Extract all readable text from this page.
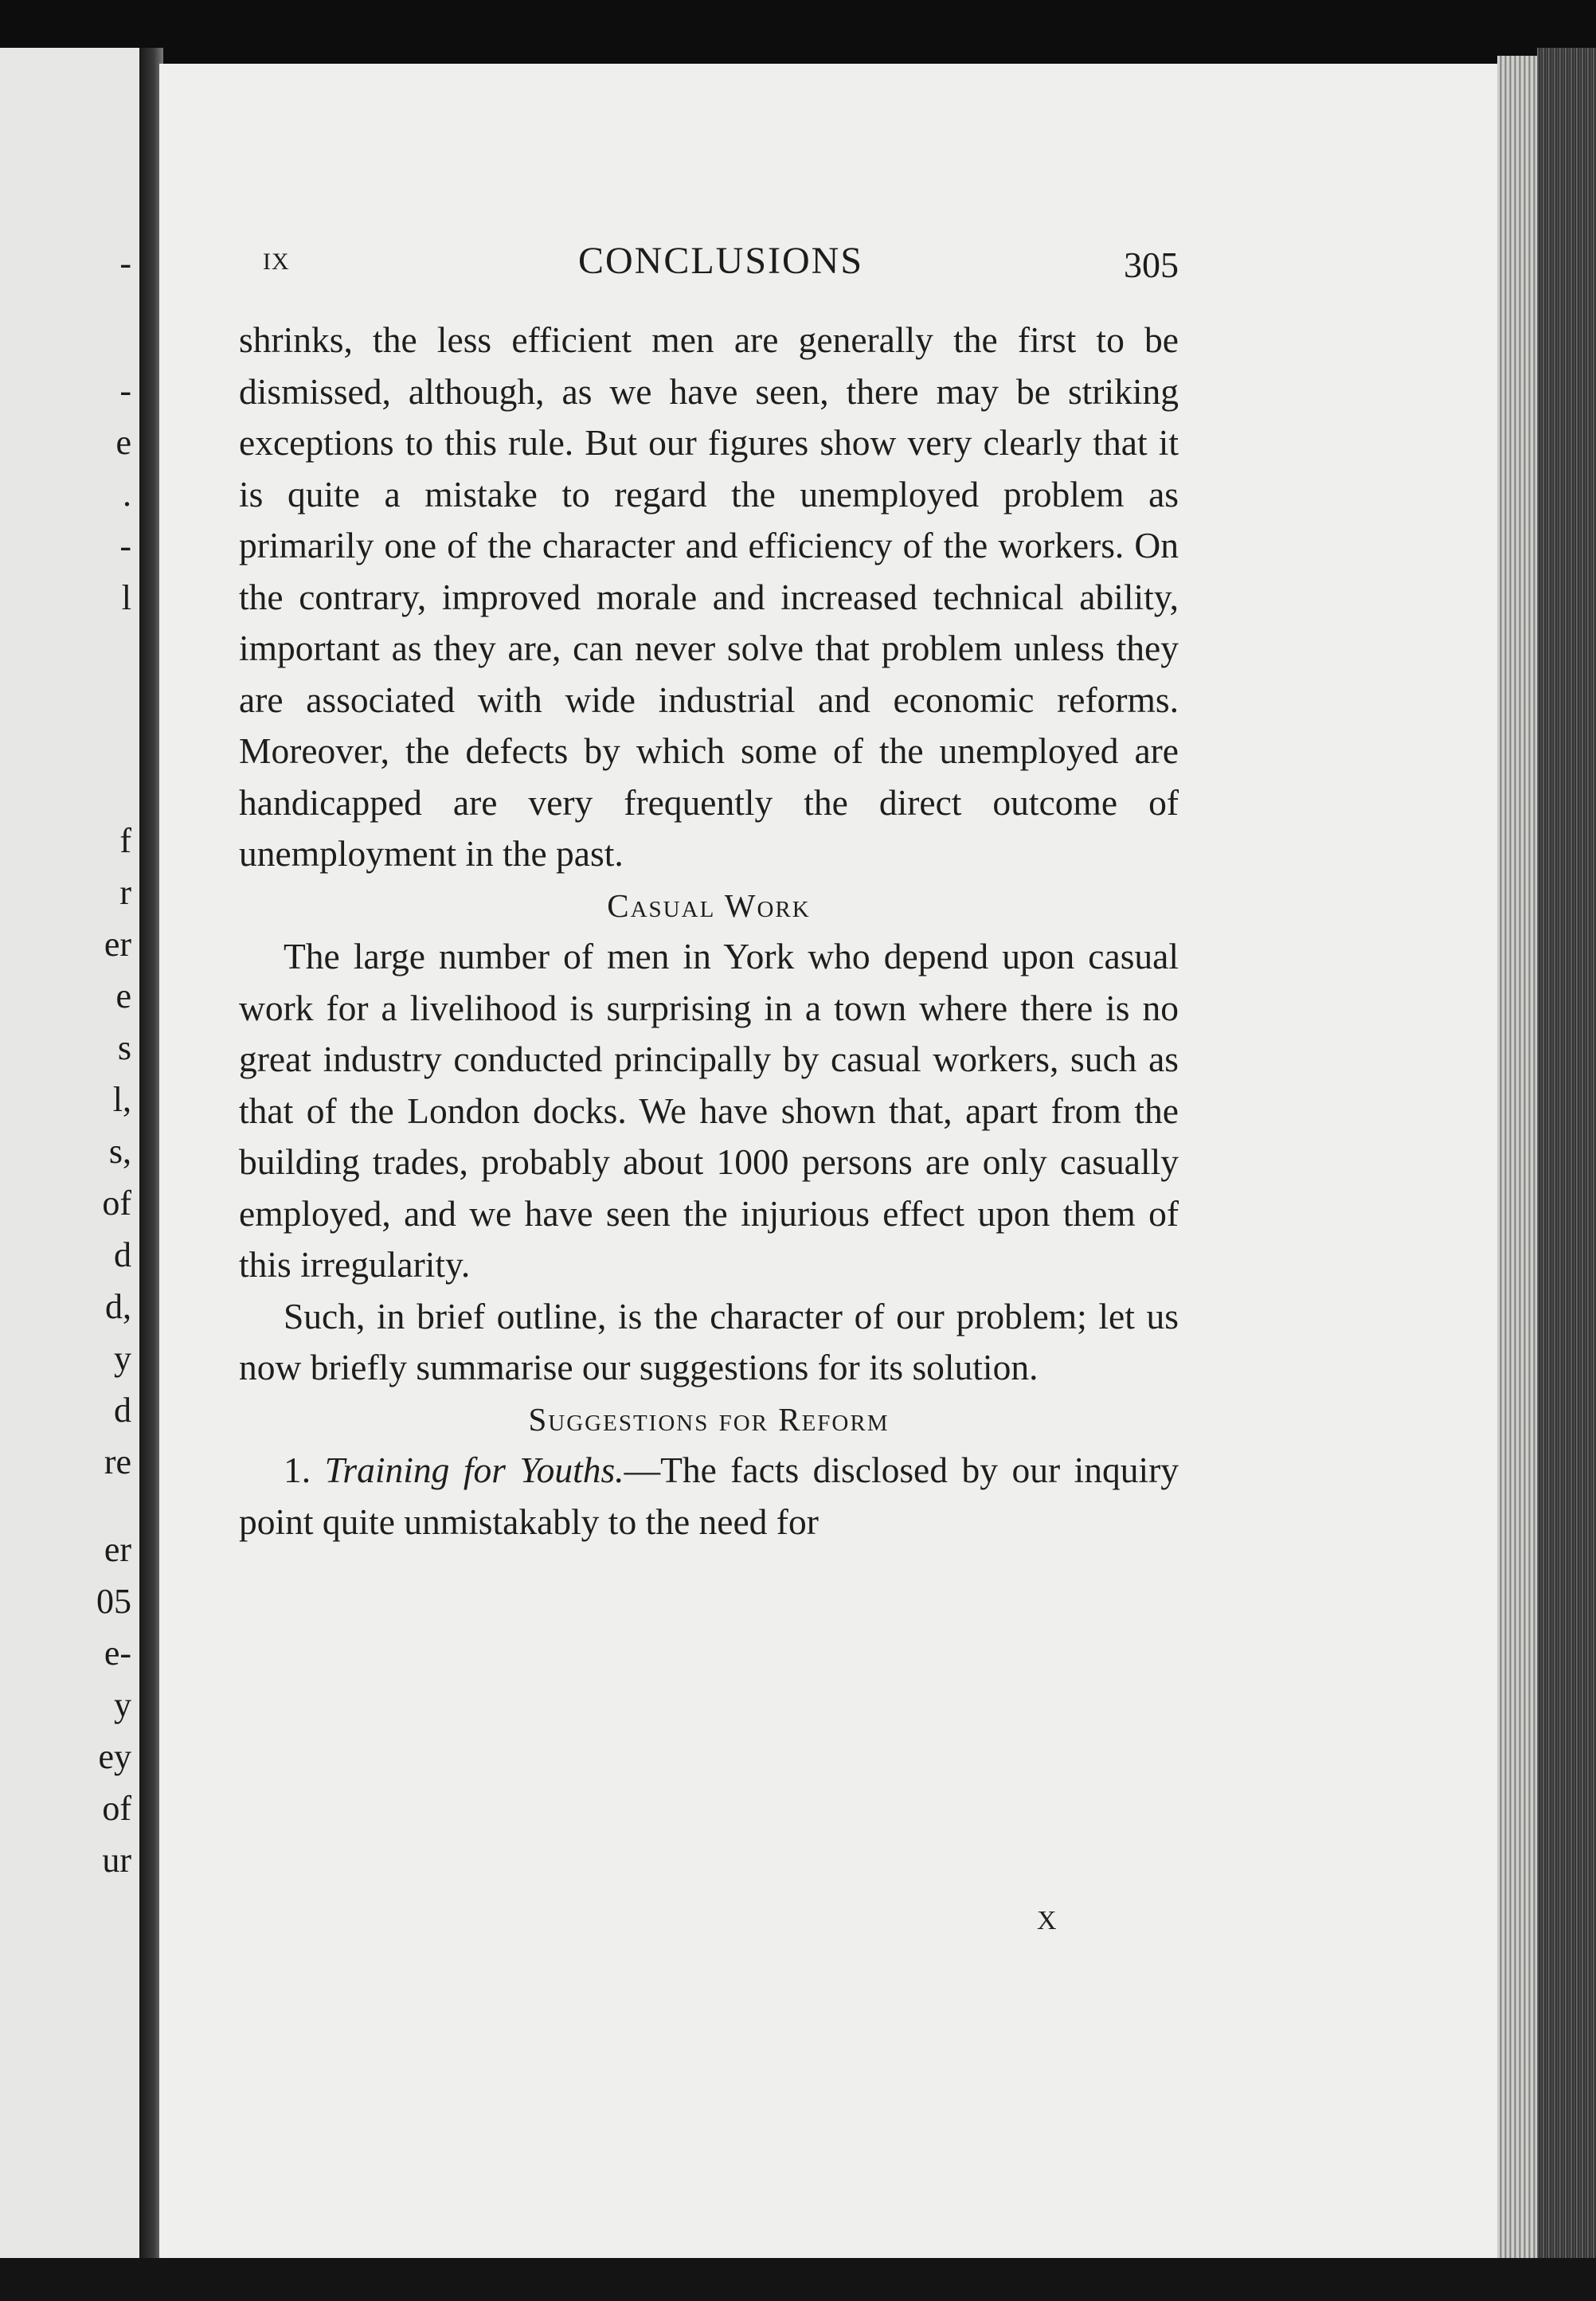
-
-
e
.
-
l
f
r
er
e
s
l,
s,
of
d
d,
y
d
re
er
05
e-
y
ey
of
ur
IX	CONCLUSIONS	305

shrinks, the less efficient men are generally the first to be dismissed, although, as we have seen, there may be striking exceptions to this rule. But our figures show very clearly that it is quite a mistake to regard the unemployed problem as primarily one of the character and efficiency of the workers. On the contrary, improved morale and increased technical ability, important as they are, can never solve that problem unless they are associated with wide industrial and economic reforms. Moreover, the defects by which some of the unemployed are handicapped are very frequently the direct outcome of unemployment in the past.

Casual Work

The large number of men in York who depend upon casual work for a livelihood is surprising in a town where there is no great industry conducted principally by casual workers, such as that of the London docks. We have shown that, apart from the building trades, probably about 1000 persons are only casually employed, and we have seen the injurious effect upon them of this irregularity.

Such, in brief outline, is the character of our problem; let us now briefly summarise our suggestions for its solution.

Suggestions for Reform

1. Training for Youths.—The facts disclosed by our inquiry point quite unmistakably to the need for

X
